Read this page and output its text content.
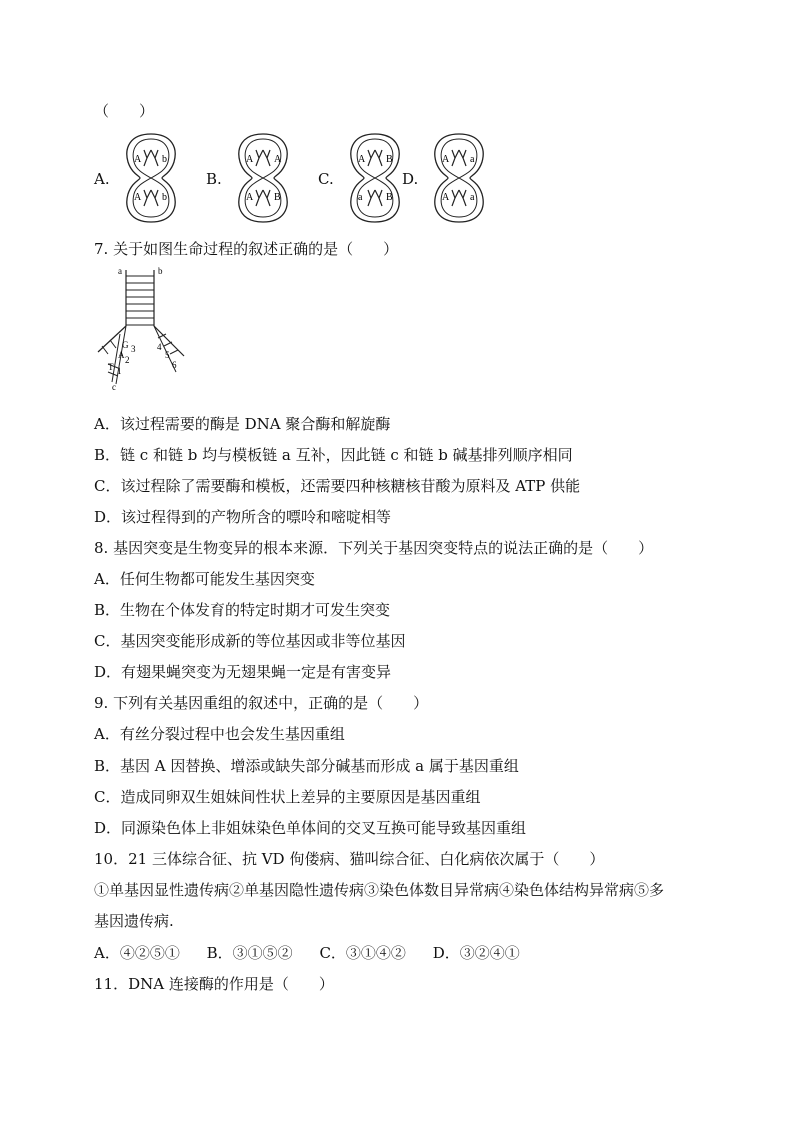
（　　）
A.
A b
A b
B.
A A
A B
C.
A B
a B
D.
A a
A a
7. 关于如图生命过程的叙述正确的是（　　）
a	b
G
A
T
3
2
1
c
4
5
6
A．该过程需要的酶是 DNA 聚合酶和解旋酶
B．链 c 和链 b 均与模板链 a 互补，因此链 c 和链 b 碱基排列顺序相同
C．该过程除了需要酶和模板，还需要四种核糖核苷酸为原料及 ATP 供能
D．该过程得到的产物所含的嘌呤和嘧啶相等
8. 基因突变是生物变异的根本来源．下列关于基因突变特点的说法正确的是（　　）
A．任何生物都可能发生基因突变
B．生物在个体发育的特定时期才可发生突变
C．基因突变能形成新的等位基因或非等位基因
D．有翅果蝇突变为无翅果蝇一定是有害变异
9. 下列有关基因重组的叙述中，正确的是（　　）
A．有丝分裂过程中也会发生基因重组
B．基因 A 因替换、增添或缺失部分碱基而形成 a 属于基因重组
C．造成同卵双生姐妹间性状上差异的主要原因是基因重组
D．同源染色体上非姐妹染色单体间的交叉互换可能导致基因重组
10．21 三体综合征、抗 VD 佝偻病、猫叫综合征、白化病依次属于（　　）
①单基因显性遗传病②单基因隐性遗传病③染色体数目异常病④染色体结构异常病⑤多
基因遗传病.
A．④②⑤① B．③①⑤② C．③①④② D．③②④①
11．DNA 连接酶的作用是（　　）
